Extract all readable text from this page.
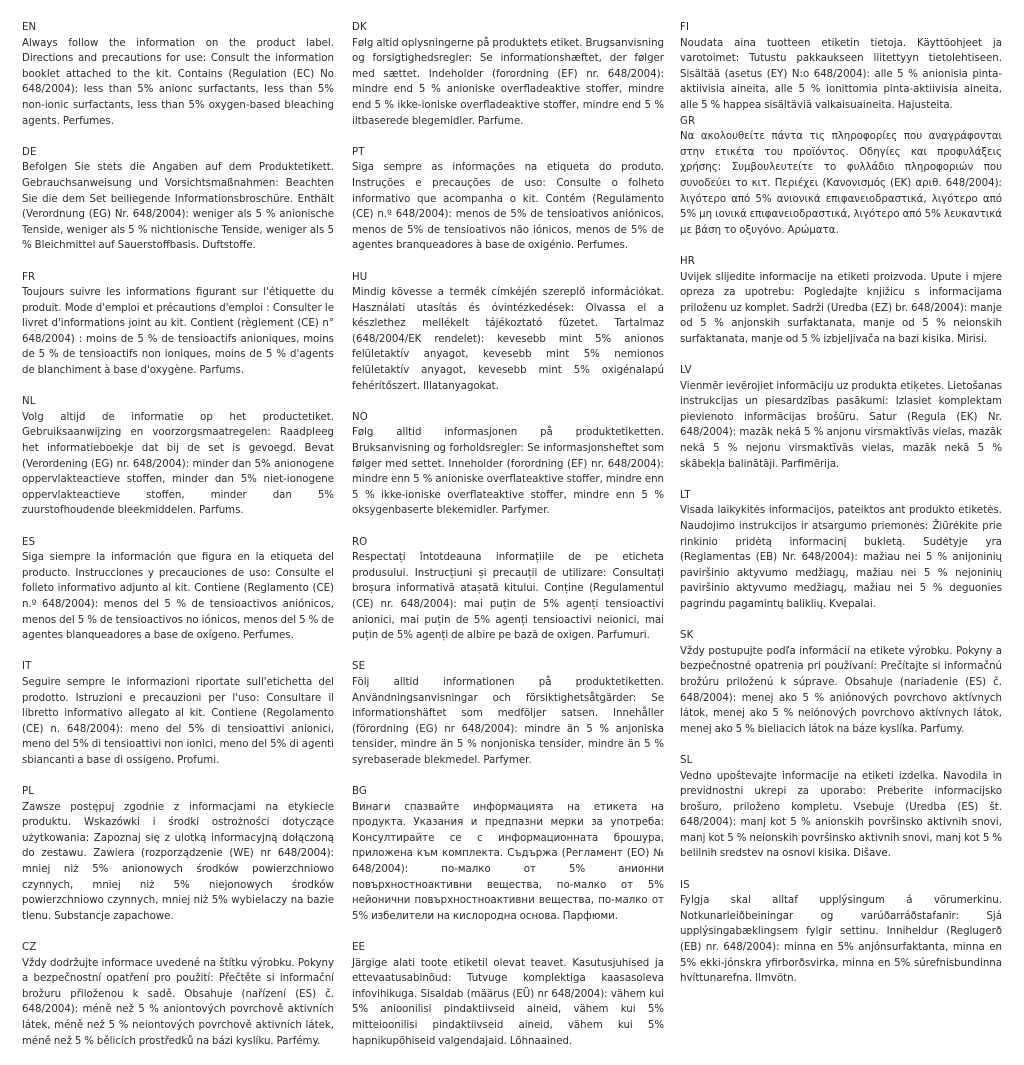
EN

Always follow the information on the product label. Directions and precautions for use: Consult the information booklet attached to the kit. Contains (Regulation (EC) No 648/2004): less than 5% anionc surfactants, less than 5% non-ionic surfactants, less than 5% oxygen-based bleaching agents. Perfumes.

DE

Befolgen Sie stets die Angaben auf dem Produktetikett. Gebrauchsanweisung und Vorsichtsmaßnahmen: Beachten Sie die dem Set beiliegende Informationsbroschüre. Enthält (Verordnung (EG) Nr. 648/2004): weniger als 5 % anionische Tenside, weniger als 5 % nichtionische Tenside, weniger als 5 % Bleichmittel auf Sauerstoffbasis. Duftstoffe.

FR

Toujours suivre les informations figurant sur l'étiquette du produit. Mode d'emploi et précautions d'emploi : Consulter le livret d'informations joint au kit. Contient (règlement (CE) n° 648/2004) : moins de 5 % de tensioactifs anioniques, moins de 5 % de tensioactifs non ioniques, moins de 5 % d'agents de blanchiment à base d'oxygène. Parfums.

NL

Volg altijd de informatie op het productetiket. Gebruiksaanwijzing en voorzorgsmaatregelen: Raadpleeg het informatieboekje dat bij de set is gevoegd. Bevat (Verordening (EG) nr. 648/2004): minder dan 5% anionogene oppervlakteactieve stoffen, minder dan 5% niet-ionogene oppervlakteactieve stoffen, minder dan 5% zuurstofhoudende bleekmiddelen. Parfums.

ES

Siga siempre la información que figura en la etiqueta del producto. Instrucciones y precauciones de uso: Consulte el folleto informativo adjunto al kit. Contiene (Reglamento (CE) n.º 648/2004): menos del 5 % de tensioactivos aniónicos, menos del 5 % de tensioactivos no iónicos, menos del 5 % de agentes blanqueadores a base de oxígeno. Perfumes.

IT

Seguire sempre le informazioni riportate sull'etichetta del prodotto. Istruzioni e precauzioni per l'uso: Consultare il libretto informativo allegato al kit. Contiene (Regolamento (CE) n. 648/2004): meno del 5% di tensioattivi anionici, meno del 5% di tensioattivi non ionici, meno del 5% di agenti sbiancanti a base di ossigeno. Profumi.

PL

Zawsze postępuj zgodnie z informacjami na etykiecie produktu. Wskazówki i środki ostrożności dotyczące użytkowania: Zapoznaj się z ulotką informacyjną dołączoną do zestawu. Zawiera (rozporządzenie (WE) nr 648/2004): mniej niż 5% anionowych środków powierzchniowo czynnych, mniej niż 5% niejonowych środków powierzchniowo czynnych, mniej niż 5% wybielaczy na bazie tlenu. Substancje zapachowe.

CZ

Vždy dodržujte informace uvedené na štítku výrobku. Pokyny a bezpečnostní opatření pro použití: Přečtěte si informační brožuru přiloženou k sadě. Obsahuje (nařízení (ES) č. 648/2004): méně než 5 % aniontových povrchově aktivních látek, méně než 5 % neiontových povrchově aktivních látek, méně než 5 % bělicích prostředků na bázi kyslíku. Parfémy.

DK

Følg altid oplysningerne på produktets etiket. Brugsanvisning og forsigtighedsregler: Se informationshæftet, der følger med sættet. Indeholder (forordning (EF) nr. 648/2004): mindre end 5 % anioniske overfladeaktive stoffer, mindre end 5 % ikke-ioniske overfladeaktive stoffer, mindre end 5 % iltbaserede blegemidler. Parfume.

PT

Siga sempre as informações na etiqueta do produto. Instruções e precauções de uso: Consulte o folheto informativo que acompanha o kit. Contém (Regulamento (CE) n.º 648/2004): menos de 5% de tensioativos aniónicos, menos de 5% de tensioativos não iónicos, menos de 5% de agentes branqueadores à base de oxigénio. Perfumes.

HU

Mindig kövesse a termék címkéjén szereplő információkat. Használati utasítás és óvintézkedések: Olvassa el a készlethez mellékelt tájékoztató füzetet. Tartalmaz (648/2004/EK rendelet): kevesebb mint 5% anionos felületaktív anyagot, kevesebb mint 5% nemionos felületaktív anyagot, kevesebb mint 5% oxigénalapú fehérítőszert. Illatanyagokat.

NO

Følg alltid informasjonen på produktetiketten. Bruksanvisning og forholdsregler: Se informasjonsheftet som følger med settet. Inneholder (forordning (EF) nr. 648/2004): mindre enn 5 % anioniske overflateaktive stoffer, mindre enn 5 % ikke-ioniske overflateaktive stoffer, mindre enn 5 % oksygenbaserte blekemidler. Parfymer.

RO

Respectați întotdeauna informațiile de pe eticheta produsului. Instrucțiuni și precauții de utilizare: Consultați broșura informativă atașată kitului. Conține (Regulamentul (CE) nr. 648/2004): mai puțin de 5% agenți tensioactivi anionici, mai puțin de 5% agenți tensioactivi neionici, mai puțin de 5% agenți de albire pe bază de oxigen. Parfumuri.

SE

Följ alltid informationen på produktetiketten. Användningsanvisningar och försiktighetsåtgärder: Se informationshäftet som medföljer satsen. Innehåller (förordning (EG) nr 648/2004): mindre än 5 % anjoniska tensider, mindre än 5 % nonjoniska tensider, mindre än 5 % syrebaserade blekmedel. Parfymer.

BG

Винаги спазвайте информацията на етикета на продукта. Указания и предпазни мерки за употреба: Консултирайте се с информационната брошура, приложена към комплекта. Съдържа (Регламент (ЕО) № 648/2004): по-малко от 5% анионни повърхностноактивни вещества, по-малко от 5% нейонични повърхностноактивни вещества, по-малко от 5% избелители на кислородна основа. Парфюми.

EE

Järgige alati toote etiketil olevat teavet. Kasutusjuhised ja ettevaatusabinõud: Tutvuge komplektiga kaasasoleva infovihikuga. Sisaldab (määrus (EÜ) nr 648/2004): vähem kui 5% anioonilisi pindaktiivseid aineid, vähem kui 5% mitteioonilisi pindaktiivseid aineid, vähem kui 5% hapnikupõhiseid valgendajaid. Lõhnaained.

FI

Noudata aina tuotteen etiketin tietoja. Käyttöohjeet ja varotoimet: Tutustu pakkaukseen liitettyyn tietolehtiseen. Sisältää (asetus (EY) N:o 648/2004): alle 5 % anionisia pinta-aktiivisia aineita, alle 5 % ionittomia pinta-aktiivisia aineita, alle 5 % happea sisältäviä valkaisuaineita. Hajusteita.

GR

Να ακολουθείτε πάντα τις πληροφορίες που αναγράφονται στην ετικέτα του προϊόντος. Οδηγίες και προφυλάξεις χρήσης: Συμβουλευτείτε το φυλλάδιο πληροφοριών που συνοδεύει το κιτ. Περιέχει (Κανονισμός (ΕΚ) αριθ. 648/2004): λιγότερο από 5% ανιονικά επιφανειοδραστικά, λιγότερο από 5% μη ιονικά επιφανειοδραστικά, λιγότερο από 5% λευκαντικά με βάση το οξυγόνο. Αρώματα.

HR

Uvijek slijedite informacije na etiketi proizvoda. Upute i mjere opreza za upotrebu: Pogledajte knjižicu s informacijama priloženu uz komplet. Sadrži (Uredba (EZ) br. 648/2004): manje od 5 % anjonskih surfaktanata, manje od 5 % neionskih surfaktanata, manje od 5 % izbjeljivača na bazi kisika. Mirisi.

LV

Vienmēr ievērojiet informāciju uz produkta etiķetes. Lietošanas instrukcijas un piesardzības pasākumi: Izlasiet komplektam pievienoto informācijas brošūru. Satur (Regula (EK) Nr. 648/2004): mazāk nekā 5 % anjonu virsmaktīvās vielas, mazāk nekā 5 % nejonu virsmaktīvās vielas, mazāk nekā 5 % skābekļa balinātāji. Parfimērija.

LT

Visada laikykitės informacijos, pateiktos ant produkto etiketės. Naudojimo instrukcijos ir atsargumo priemonės: Žiūrėkite prie rinkinio pridėtą informacinį bukletą. Sudėtyje yra (Reglamentas (EB) Nr. 648/2004): mažiau nei 5 % anijoninių paviršinio aktyvumo medžiagų, mažiau nei 5 % nejoninių paviršinio aktyvumo medžiagų, mažiau nei 5 % deguonies pagrindu pagamintų baliklių. Kvepalai.

SK

Vždy postupujte podľa informácií na etikete výrobku. Pokyny a bezpečnostné opatrenia pri používaní: Prečítajte si informačnú brožúru priloženú k súprave. Obsahuje (nariadenie (ES) č. 648/2004): menej ako 5 % aniónových povrchovo aktívnych látok, menej ako 5 % neiónových povrchovo aktívnych látok, menej ako 5 % bieliacich látok na báze kyslíka. Parfumy.

SL

Vedno upoštevajte informacije na etiketi izdelka. Navodila in previdnostni ukrepi za uporabo: Preberite informacijsko brošuro, priloženo kompletu. Vsebuje (Uredba (ES) št. 648/2004): manj kot 5 % anionskih površinsko aktivnih snovi, manj kot 5 % neionskih površinsko aktivnih snovi, manj kot 5 % belilnih sredstev na osnovi kisika. Dišave.

IS

Fylgja skal alltaf upplýsingum á vörumerkinu. Notkunarleiðbeiningar og varúðarráðstafanir: Sjá upplýsingabæklingsem fylgir settinu. Inniheldur (Reglugerð (EB) nr. 648/2004): minna en 5% anjónsurfaktanta, minna en 5% ekki-jónskra yfirborðsvirka, minna en 5% súrefnisbundinna hvíttunarefna. Ilmvötn.
